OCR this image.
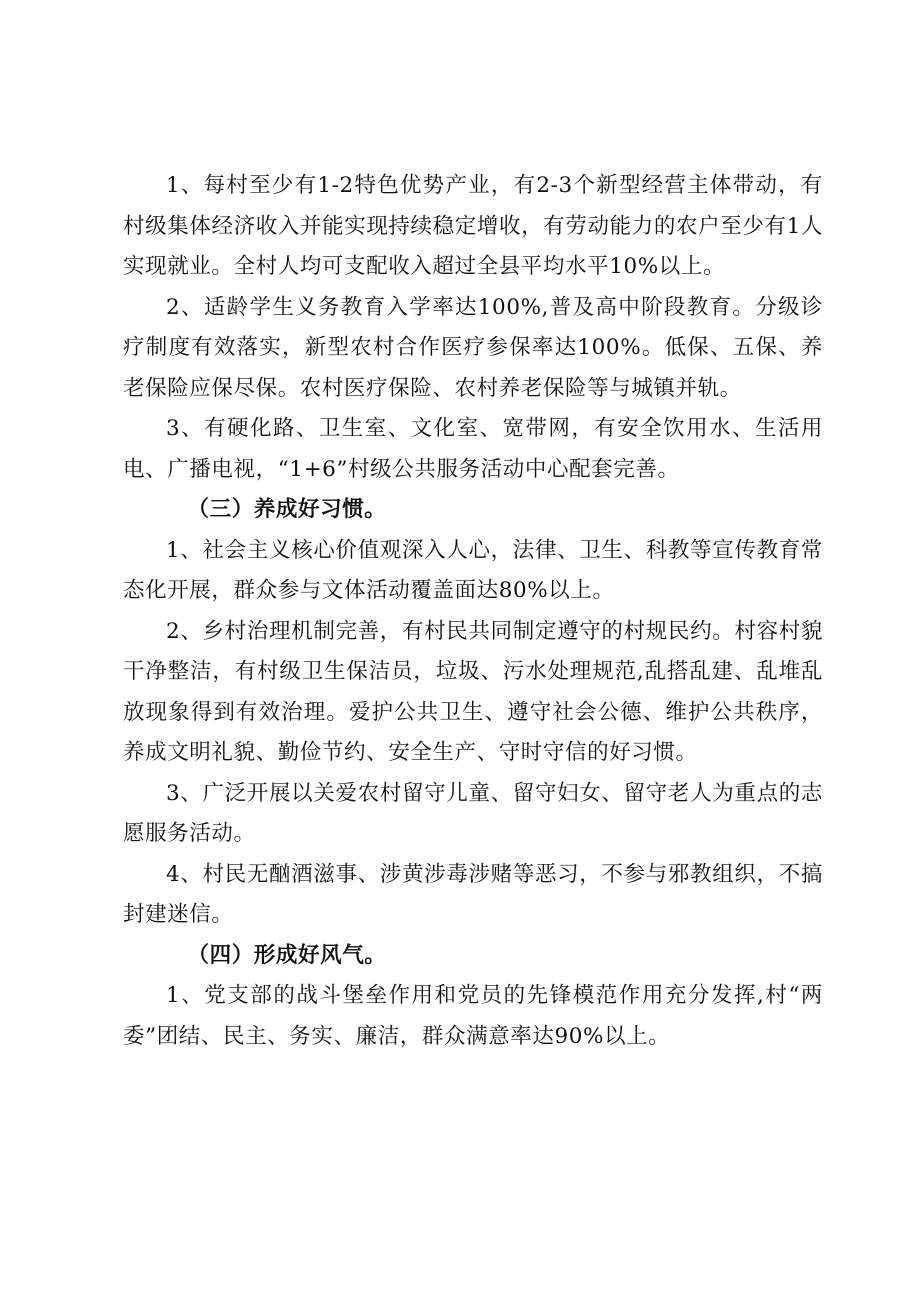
1、每村至少有1-2特色优势产业，有2-3个新型经营主体带动，有村级集体经济收入并能实现持续稳定增收，有劳动能力的农户至少有1人实现就业。全村人均可支配收入超过全县平均水平10%以上。

2、适龄学生义务教育入学率达100%,普及高中阶段教育。分级诊疗制度有效落实，新型农村合作医疗参保率达100%。低保、五保、养老保险应保尽保。农村医疗保险、农村养老保险等与城镇并轨。

3、有硬化路、卫生室、文化室、宽带网，有安全饮用水、生活用电、广播电视，“1+6”村级公共服务活动中心配套完善。

（三）养成好习惯。

1、社会主义核心价值观深入人心，法律、卫生、科教等宣传教育常态化开展，群众参与文体活动覆盖面达80%以上。

2、乡村治理机制完善，有村民共同制定遵守的村规民约。村容村貌干净整洁，有村级卫生保洁员，垃圾、污水处理规范,乱搭乱建、乱堆乱放现象得到有效治理。爱护公共卫生、遵守社会公德、维护公共秩序，养成文明礼貌、勤俭节约、安全生产、守时守信的好习惯。

3、广泛开展以关爱农村留守儿童、留守妇女、留守老人为重点的志愿服务活动。

4、村民无酗酒滋事、涉黄涉毒涉赌等恶习，不参与邪教组织，不搞封建迷信。

（四）形成好风气。

1、党支部的战斗堡垒作用和党员的先锋模范作用充分发挥,村“两委”团结、民主、务实、廉洁，群众满意率达90%以上。
